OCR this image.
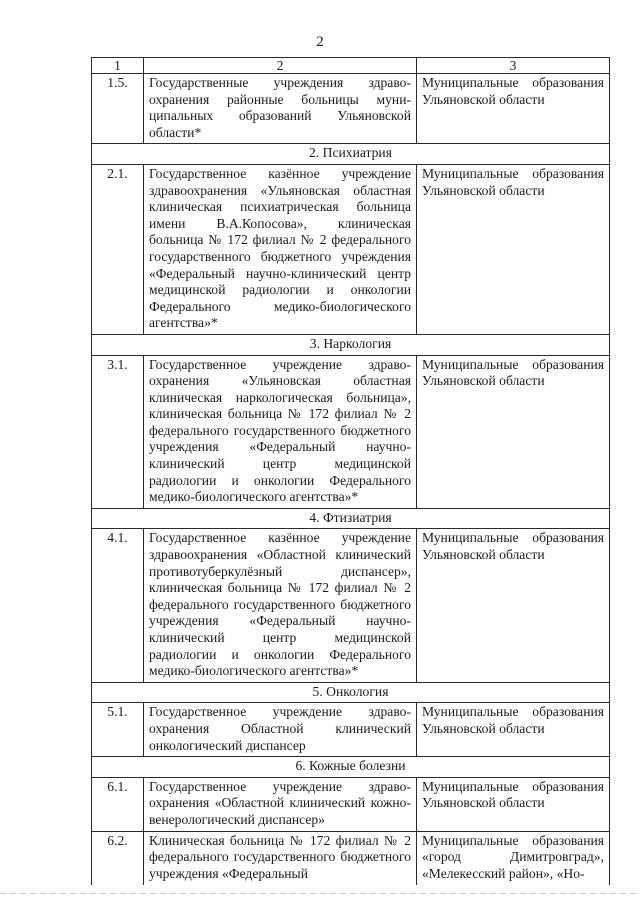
2
1	2	3
1.5.	Государственные учреждения здравоохранения районные больницы муниципальных образований Ульяновской области*	Муниципальные образования Ульяновской области
2. Психиатрия		
2.1.	Государственное казённое учреждение здравоохранения «Ульяновская областная клиническая психиатрическая больница имени В.А.Копосова», клиническая больница № 172 филиал № 2 федерального государственного бюджетного учреждения «Федеральный научно-клинический центр медицинской радиологии и онкологии Федерального медико-биологического агентства»*	Муниципальные образования Ульяновской области
3. Наркология		
3.1.	Государственное учреждение здравоохранения «Ульяновская областная клиническая наркологическая больница», клиническая больница № 172 филиал № 2 федерального государственного бюджетного учреждения «Федеральный научно-клинический центр медицинской радиологии и онкологии Федерального медико-биологического агентства»*	Муниципальные образования Ульяновской области
4. Фтизиатрия		
4.1.	Государственное казённое учреждение здравоохранения «Областной клинический противотуберкулёзный диспансер», клиническая больница № 172 филиал № 2 федерального государственного бюджетного учреждения «Федеральный научно-клинический центр медицинской радиологии и онкологии Федерального медико-биологического агентства»*	Муниципальные образования Ульяновской области
5. Онкология		
5.1.	Государственное учреждение здравоохранения Областной клинический онкологический диспансер	Муниципальные образования Ульяновской области
6. Кожные болезни		
6.1.	Государственное учреждение здравоохранения «Областной клинический кожно-венерологический диспансер»	Муниципальные образования Ульяновской области
6.2.	Клиническая больница № 172 филиал № 2 федерального государственного бюджетного учреждения «Федеральный	Муниципальные образования «город Димитровград», «Мелекесский район», «Но-
